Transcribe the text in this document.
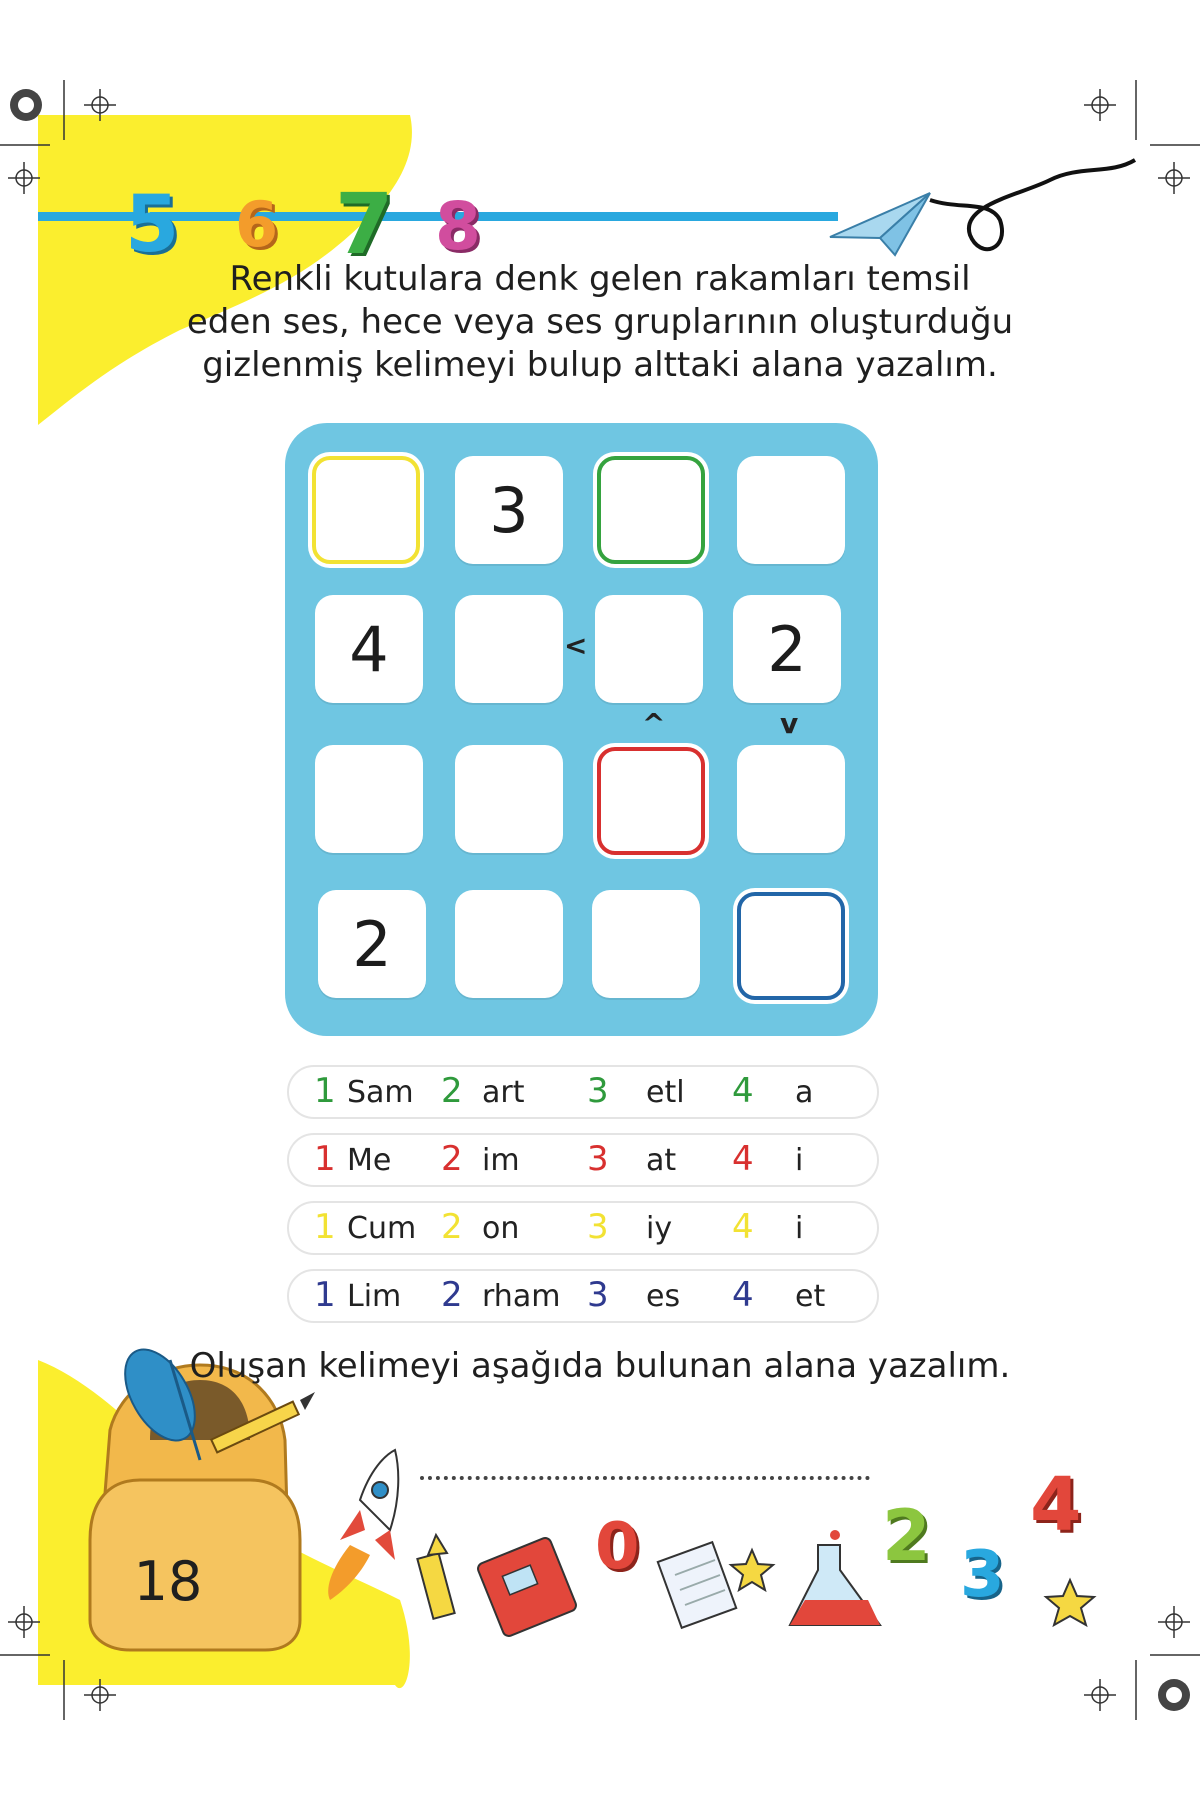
5 6 7 8
Renkli kutulara denk gelen rakamları temsil
eden ses, hece veya ses gruplarının oluşturduğu
gizlenmiş kelimeyi bulup alttaki alana yazalım.
3
4	2
2
<
^	v
1 Sam 2 art 3 etl 4 a
1 Me 2 im 3 at 4 i
1 Cum 2 on 3 iy 4 i
1 Lim 2 rham 3 es 4 et
Oluşan kelimeyi aşağıda bulunan alana yazalım.
18	0	2 3
4
